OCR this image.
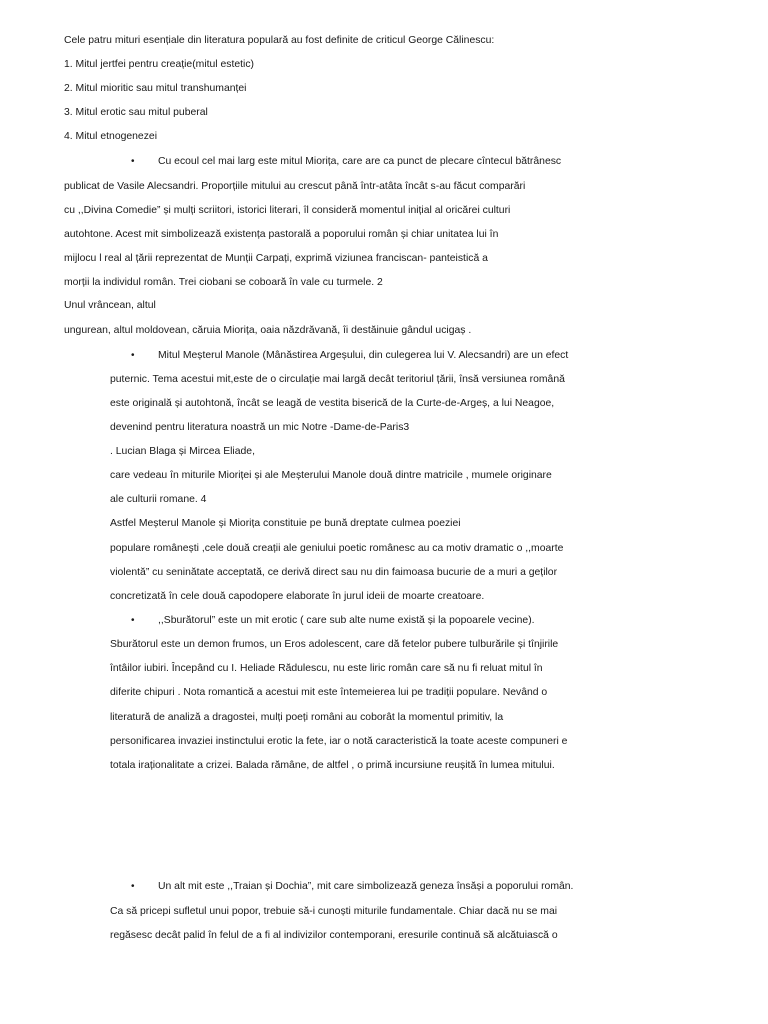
Cele patru mituri esențiale din literatura populară au fost definite de criticul George Călinescu:
1. Mitul jertfei pentru creație(mitul estetic)
2. Mitul mioritic sau mitul transhumanței
3. Mitul erotic sau mitul puberal
4. Mitul etnogenezei
• Cu ecoul cel mai larg este mitul Miorița, care are ca punct de plecare cîntecul bătrânesc
publicat de Vasile Alecsandri. Proporțiile mitului au crescut până într-atâta încât s-au făcut comparări
cu ,,Divina Comedie” și mulți scriitori, istorici literari, îl consideră momentul inițial al oricărei culturi
autohtone. Acest mit simbolizează existența pastorală a poporului român și chiar unitatea lui în
mijlocu l real al țării reprezentat de Munții Carpați, exprimă viziunea franciscan- panteistică a
morții la individul român. Trei ciobani se coboară în vale cu turmele. 2
Unul vrâncean, altul
ungurean, altul moldovean, căruia Miorița, oaia năzdrăvană, îi destăinuie gândul ucigaș .
• Mitul Meșterul Manole (Mânăstirea Argeșului, din culegerea lui V. Alecsandri) are un efect
puternic. Tema acestui mit,este de o circulație mai largă decât teritoriul țării, însă versiunea română
este originală și autohtonă, încât se leagă de vestita biserică de la Curte-de-Argeș, a lui Neagoe,
devenind pentru literatura noastră un mic Notre -Dame-de-Paris3
. Lucian Blaga și Mircea Eliade,
care vedeau în miturile Mioriței și ale Meșterului Manole două dintre matricile , mumele originare
ale culturii romane. 4
Astfel Meșterul Manole și Miorița constituie pe bună dreptate culmea poeziei
populare românești ,cele două creații ale geniului poetic românesc au ca motiv dramatic o ,,moarte
violentă” cu seninătate acceptată, ce derivă direct sau nu din faimoasa bucurie de a muri a geților
concretizată în cele două capodopere elaborate în jurul ideii de moarte creatoare.
• ,,Sburătorul” este un mit erotic ( care sub alte nume există și la popoarele vecine).
Sburătorul este un demon frumos, un Eros adolescent, care dă fetelor pubere tulburările și tînjirile
întâilor iubiri. Începând cu I. Heliade Rădulescu, nu este liric român care să nu fi reluat mitul în
diferite chipuri . Nota romantică a acestui mit este întemeierea lui pe tradiții populare. Nevând o
literatură de analiză a dragostei, mulți poeți români au coborât la momentul primitiv, la
personificarea invaziei instinctului erotic la fete, iar o notă caracteristică la toate aceste compuneri e
totala iraționalitate a crizei. Balada rămâne, de altfel , o primă incursiune reușită în lumea mitului.
• Un alt mit este ,,Traian și Dochia”, mit care simbolizează geneza însăși a poporului român.
Ca să pricepi sufletul unui popor, trebuie să-i cunoști miturile fundamentale. Chiar dacă nu se mai
regăsesc decât palid în felul de a fi al indivizilor contemporani, eresurile continuă să alcătuiască o
